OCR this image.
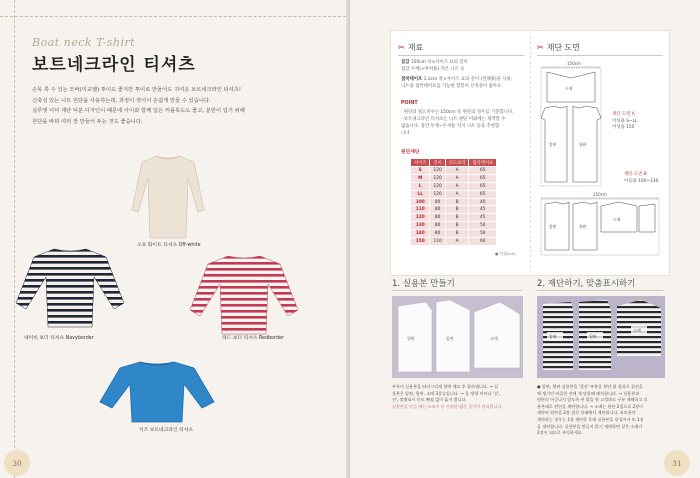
Boat neck T-shirt
보트네크라인 티셔츠

손목 쪽 수 있는 모바(미교텔) 투이도 좋지만 투이로 만들어도 귀여운 보트네크라인 티셔츠!

신축성 있는 니트 원단을 사용하는데, 과정이 적어서 손쉽게 만들 수 있습니다.

실루엣 넉넉 재단 덕분 디자인이 때문에 아이와 함께 입은 커플룩도도 좋고, 분한이 입기 위해

원단을 바꿔 여러 장 만들어 두는 것도 좋습니다.

오프 화이트 티셔츠 Off-white
네이비 보더 티셔츠 Navyborder	레드 보더 티셔츠 Redborder
키즈 보트네크라인 티셔츠
30
✂ 재료
겉감 150cm 폭×사이즈 표의 길이
접감 두께(+부착용) 적은 니트 등
접착테이프 1.2cm 폭×사이즈 표의 길이 (본체용)을 사용,
니트용 접착테이프를 가능한 합봉이 신축성이 좋아요.
POINT
· 원단의 필요치수는 150cm 폭 원단의 경우를 기준합니다.
· 보트네크라인 티셔츠는 니트 원단 이외에는 제작할 수
없습니다. 중간 두께~두꺼운 저지 니트 등을 추천합
니다.
원단재단
사이즈	길이	의도와의	접착테이프
S	120	A	65
M	120	A	65
L	120	A	65
LL	120	A	65
100	80	B	40
110	80	B	45
120	80	B	45
130	80	B	50
140	80	B	50
150	110	A	60
● 단위(cm)
✂ 재단 도면
150cm
소매
앞판	뒷판
재단 도면 A
어성용 S~LL
어성용 150
재단 도면 B
아동용 100~140
150cm
앞판	뒷판
소매
1. 실용본 만들기
뒷판	앞판	소매
부록의 실용본을 따라그리게 합에 메모 후 잘라냅니다. → 실
물본은 앞판, 뒷판, 소매 3종류입니다. → 을 방향 이어나 '결',
선', 맞춤표시 등도 빠짐 없이 옮겨 씁니다.
실용본을 만들 때는 모조지 등 투명한 얇은 종이가 편리합니다.
2. 재단하기, 맞춤표시하기
앞판	뒷판
소매
● 앞판, 뒷판 실용본을 '결선' 부분을 원단 위 결과로 끝선을
에 생기던 바질한 선에 재 맞합에 배치합니다. → 실용본과
원단의 어긋나지 않도록 핀 맞을 원 고정하고 구분 재해하고 실
용본대로 원단을 재단합니다. → 소매는 원단 2겹으로 2장이
재단된 원단을 2장 겹친 상태에서 재단합니다. 보트용의
재단하는 경우는 1장 재단한 후에 실용본을 뒤집어서 또 1장
을 재단합니다. 실용본을 만들지 않기 재단하면 같은 소매가
2장이 되므로 주의하세요.
31
